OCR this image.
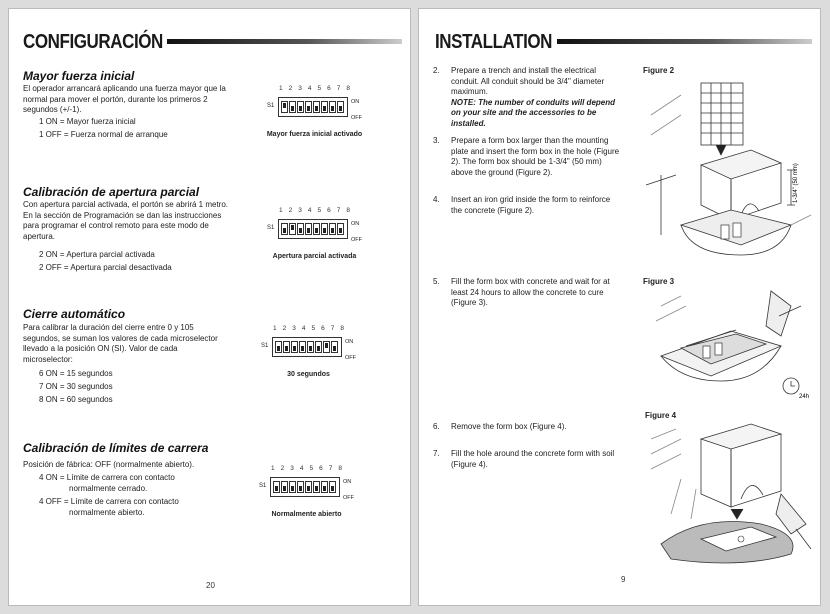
CONFIGURACIÓN
Mayor fuerza inicial
El operador arrancará aplicando una fuerza mayor que la normal para mover el portón, durante los primeros 2 segundos (+/-1).
1 ON = Mayor fuerza inicial
1 OFF = Fuerza normal de arranque
1 2 3 4 5 6 7 8
S1
ON
OFF
Mayor fuerza inicial activado
Calibración de apertura parcial
Con apertura parcial activada, el portón se abrirá 1 metro. En la sección de Programación se dan las instrucciones para programar el control remoto para este modo de apertura.
2 ON = Apertura parcial activada
2 OFF = Apertura parcial desactivada
1 2 3 4 5 6 7 8
S1
ON
OFF
Apertura parcial activada
Cierre automático
Para calibrar la duración del cierre entre 0 y 105 segundos, se suman los valores de cada microselector llevado a la posición ON (SI). Valor de cada microselector:
6 ON = 15 segundos
7 ON = 30 segundos
8 ON = 60 segundos
1 2 3 4 5 6 7 8
S1
ON
OFF
30 segundos
Calibración de límites de carrera
Posición de fábrica: OFF (normalmente abierto).
4 ON = Límite de carrera con contacto
normalmente cerrado.
4 OFF = Límite de carrera con contacto
normalmente abierto.
1 2 3 4 5 6 7 8
S1
ON
OFF
Normalmente abierto
20
INSTALLATION
2. Prepare a trench and install the electrical conduit. All conduit should be 3/4" diameter maximum.
NOTE: The number of conduits will depend on your site and the accessories to be installed.
3. Prepare a form box larger than the mounting plate and insert the form box in the hole (Figure 2). The form box should be 1-3/4" (50 mm) above the ground (Figure 2).
4. Insert an iron grid inside the form to reinforce the concrete (Figure 2).
5. Fill the form box with concrete and wait for at least 24 hours to allow the concrete to cure (Figure 3).
6. Remove the form box (Figure 4).
7. Fill the hole around the concrete form with soil (Figure 4).
Figure 2
1-3/4" (50 mm)
Figure 3
24h
Figure 4
9
